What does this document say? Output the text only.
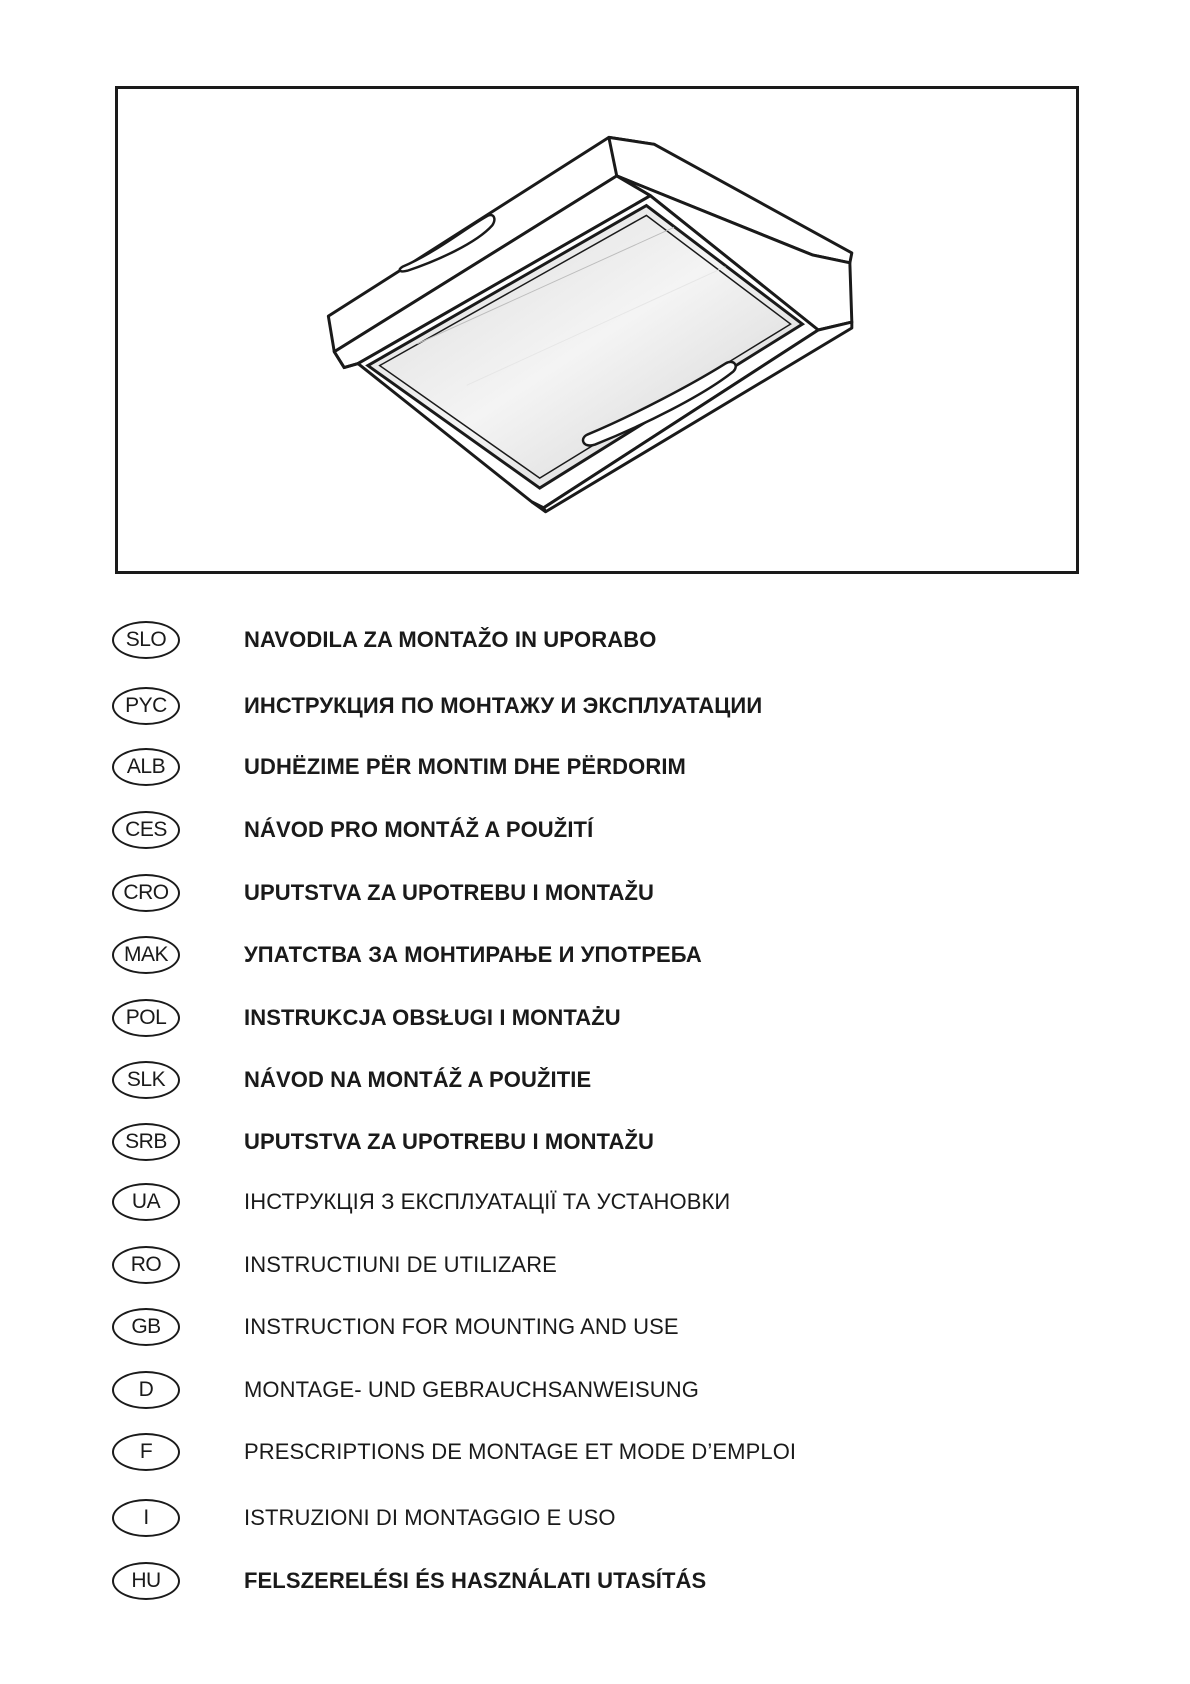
SLO	NAVODILA ZA MONTAŽO IN UPORABO
PYC	ИНСТРУКЦИЯ ПО МОНТАЖУ И ЭКСПЛУАТАЦИИ
ALB	UDHËZIME PËR MONTIM DHE PËRDORIM
CES	NÁVOD PRO MONTÁŽ A POUŽITÍ
CRO	UPUTSTVA ZA UPOTREBU I MONTAŽU
MAK	УПАТСТВА ЗА МОНТИРАЊЕ И УПОТРЕБА
POL	INSTRUKCJA OBSŁUGI I MONTAŻU
SLK	NÁVOD NA MONTÁŽ A POUŽITIE
SRB	UPUTSTVA ZA UPOTREBU I MONTAŽU
UA	ІНСТРУКЦІЯ З ЕКСПЛУАТАЦІЇ ТА УСТАНОВКИ
RO	INSTRUCTIUNI DE UTILIZARE
GB	INSTRUCTION FOR MOUNTING AND USE
D	MONTAGE- UND GEBRAUCHSANWEISUNG
F	PRESCRIPTIONS DE MONTAGE ET MODE D’EMPLOI
I	ISTRUZIONI DI MONTAGGIO E USO
HU	FELSZERELÉSI ÉS HASZNÁLATI UTASÍTÁS
